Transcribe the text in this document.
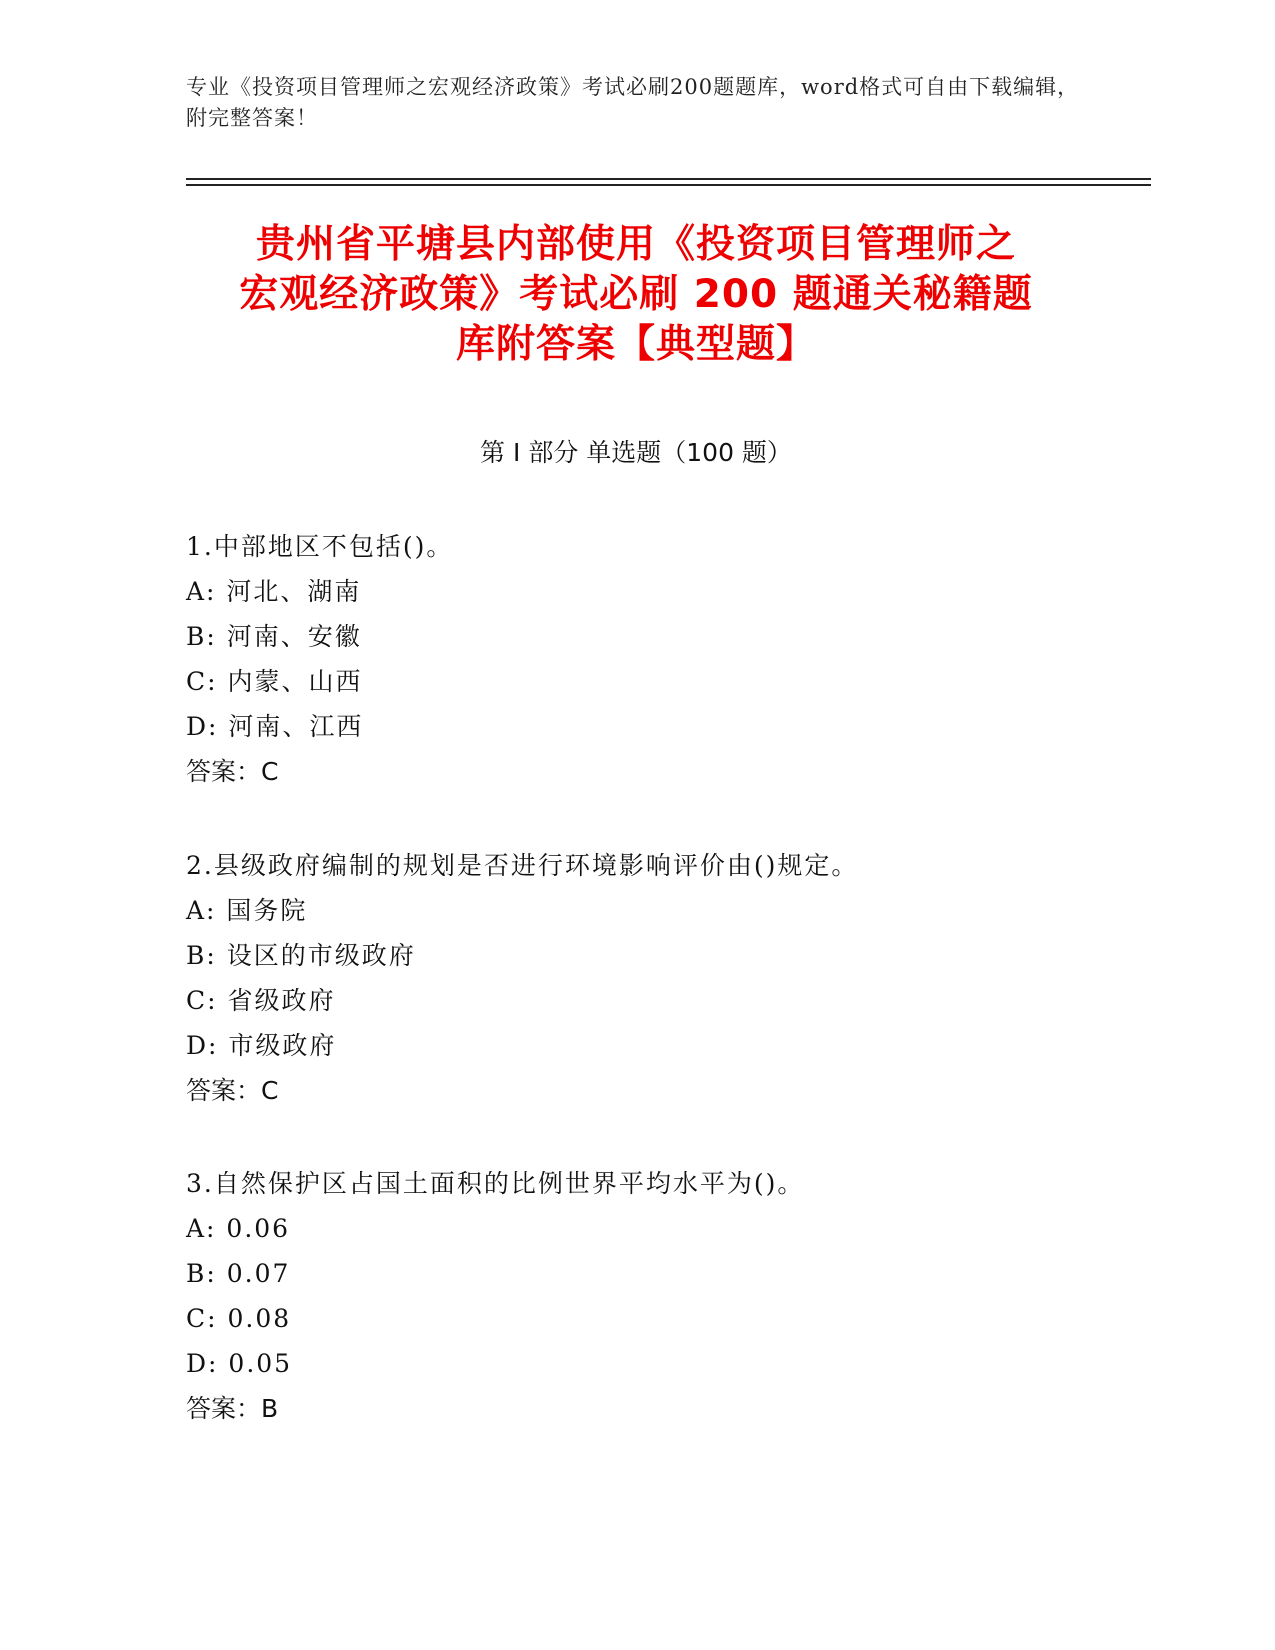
专业《投资项目管理师之宏观经济政策》考试必刷200题题库，word格式可自由下载编辑，附完整答案！
贵州省平塘县内部使用《投资项目管理师之
宏观经济政策》考试必刷 200 题通关秘籍题
库附答案【典型题】
第 I 部分 单选题（100 题）
1.中部地区不包括()。
A: 河北、湖南
B: 河南、安徽
C: 内蒙、山西
D: 河南、江西
答案：C
2.县级政府编制的规划是否进行环境影响评价由()规定。
A: 国务院
B: 设区的市级政府
C: 省级政府
D: 市级政府
答案：C
3.自然保护区占国土面积的比例世界平均水平为()。
A: 0.06
B: 0.07
C: 0.08
D: 0.05
答案：B
